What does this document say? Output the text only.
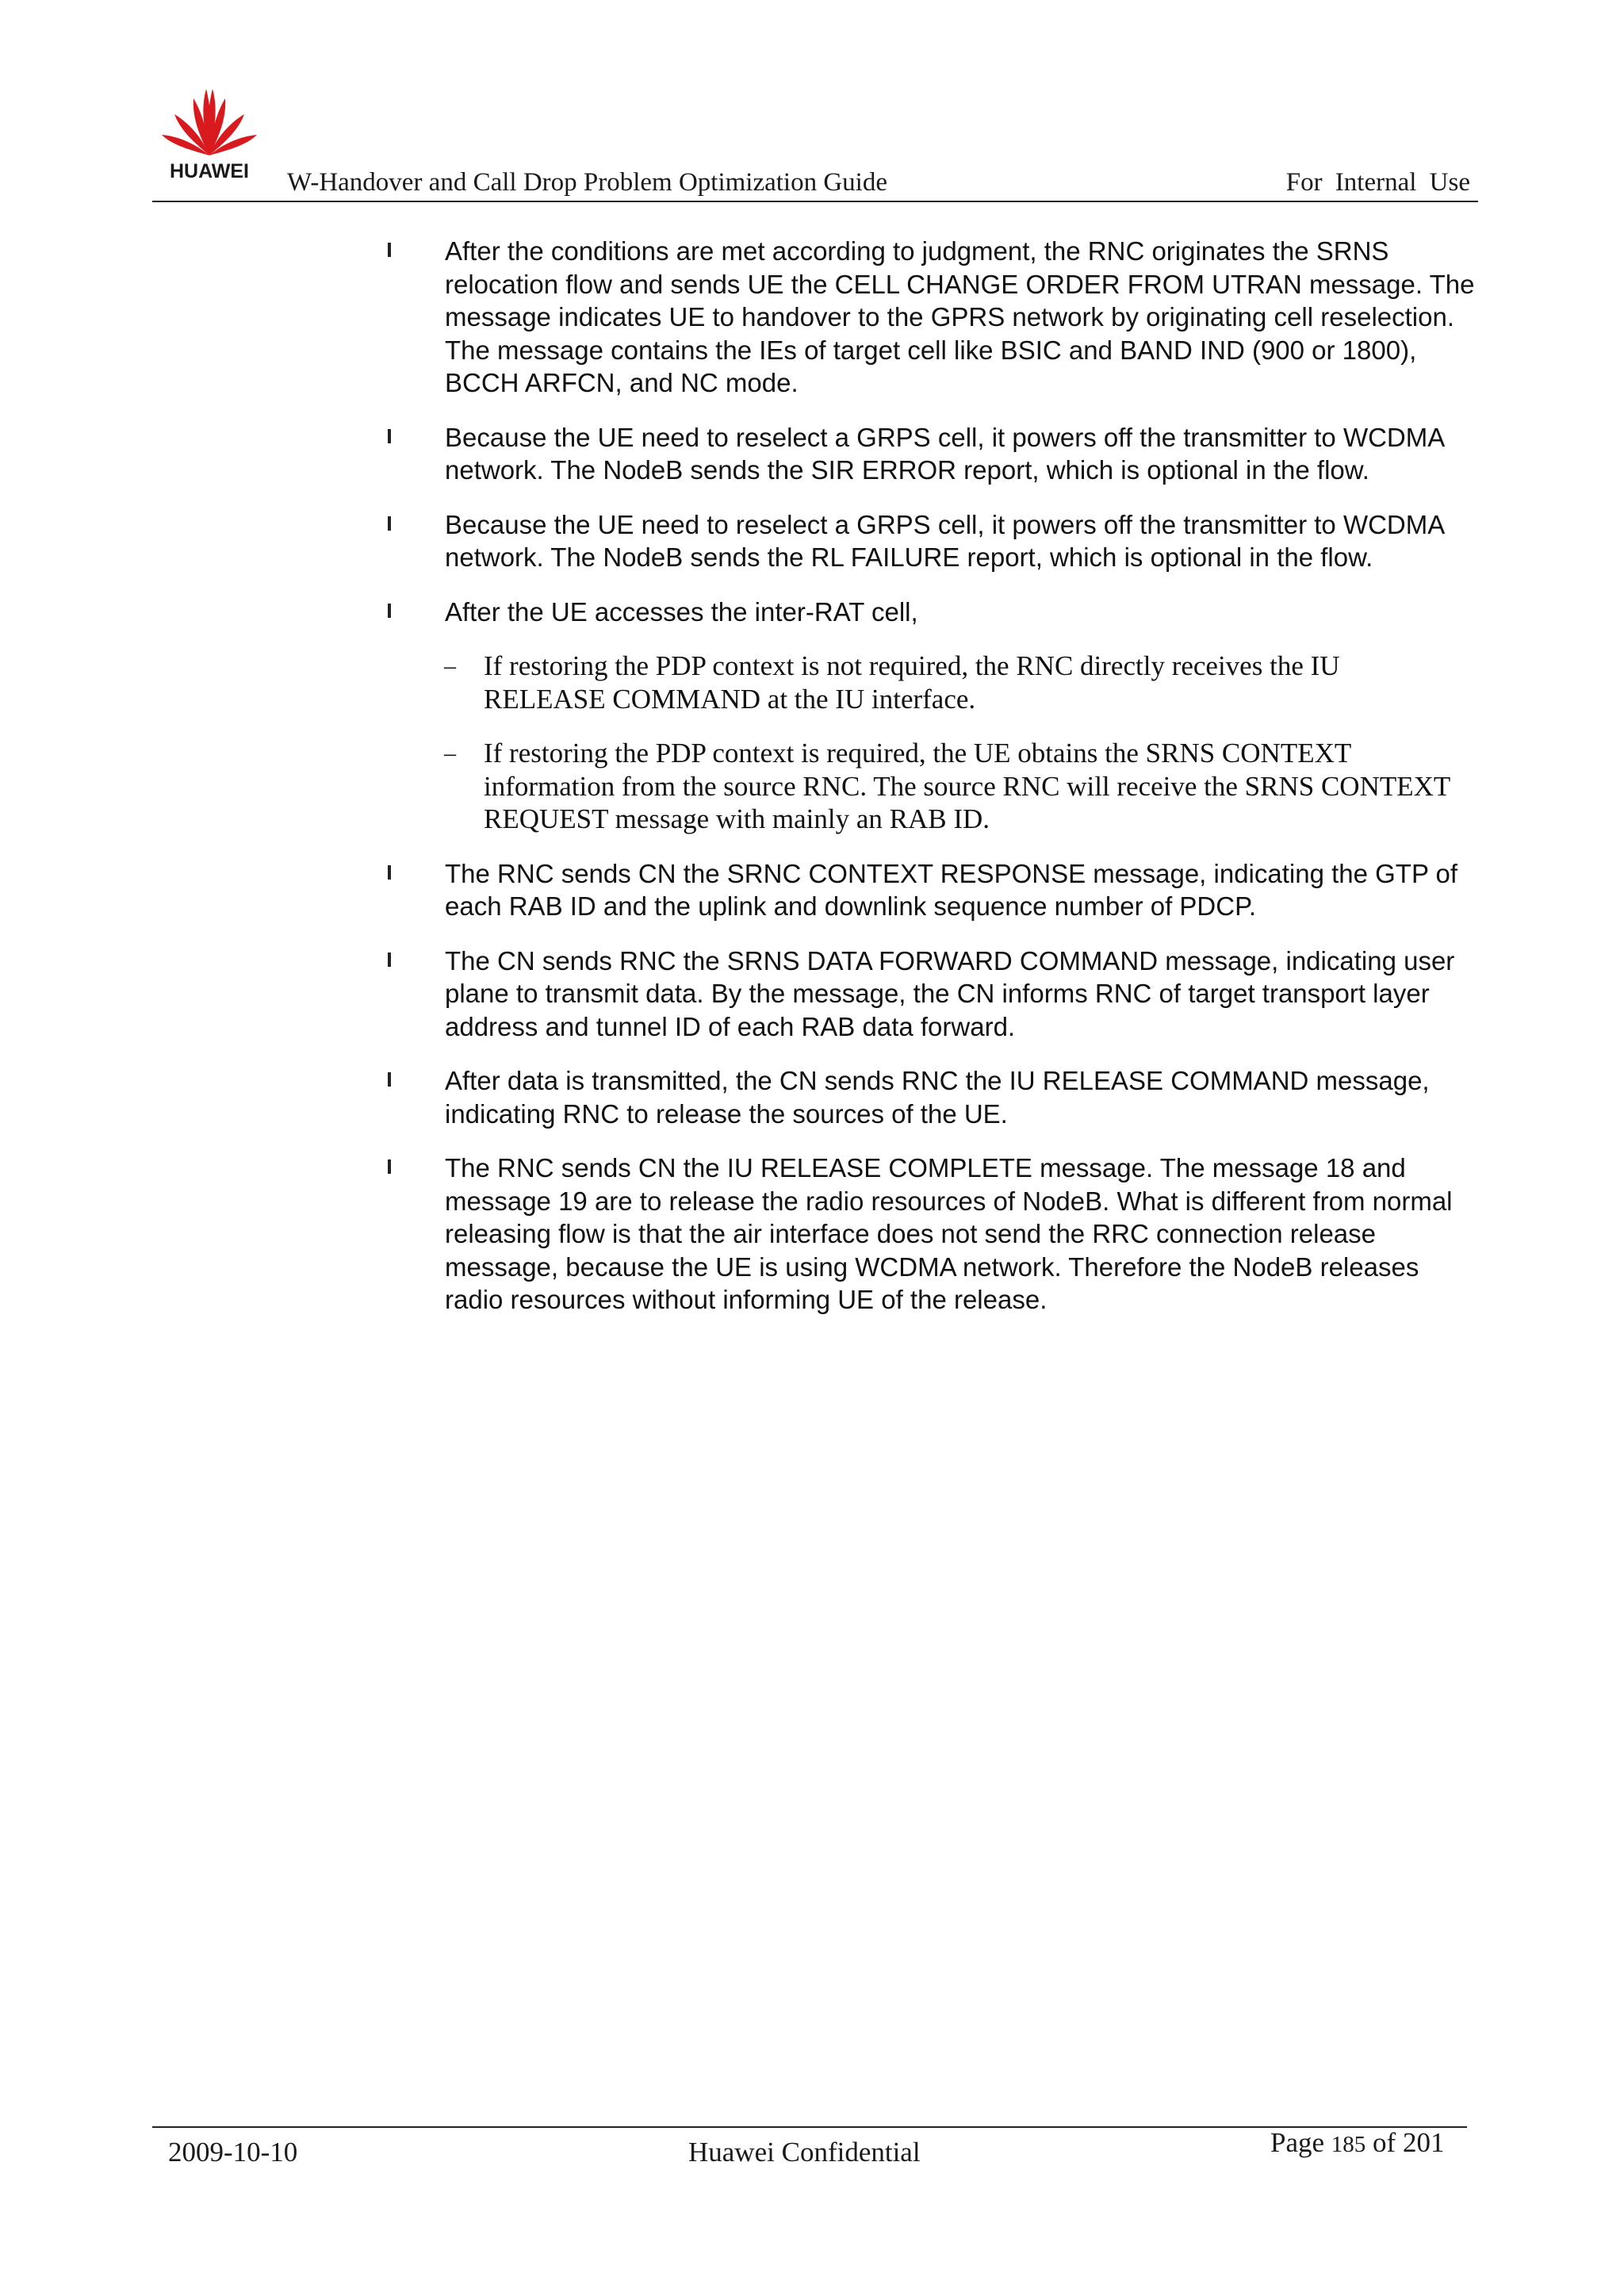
HUAWEI	W-Handover and Call Drop Problem Optimization Guide	For Internal Use
After the conditions are met according to judgment, the RNC originates the SRNS relocation flow and sends UE the CELL CHANGE ORDER FROM UTRAN message. The message indicates UE to handover to the GPRS network by originating cell reselection. The message contains the IEs of target cell like BSIC and BAND IND (900 or 1800), BCCH ARFCN, and NC mode.
Because the UE need to reselect a GRPS cell, it powers off the transmitter to WCDMA network. The NodeB sends the SIR ERROR report, which is optional in the flow.
Because the UE need to reselect a GRPS cell, it powers off the transmitter to WCDMA network. The NodeB sends the RL FAILURE report, which is optional in the flow.
After the UE accesses the inter-RAT cell,
– If restoring the PDP context is not required, the RNC directly receives the IU RELEASE COMMAND at the IU interface.
– If restoring the PDP context is required, the UE obtains the SRNS CONTEXT information from the source RNC. The source RNC will receive the SRNS CONTEXT REQUEST message with mainly an RAB ID.
The RNC sends CN the SRNC CONTEXT RESPONSE message, indicating the GTP of each RAB ID and the uplink and downlink sequence number of PDCP.
The CN sends RNC the SRNS DATA FORWARD COMMAND message, indicating user plane to transmit data. By the message, the CN informs RNC of target transport layer address and tunnel ID of each RAB data forward.
After data is transmitted, the CN sends RNC the IU RELEASE COMMAND message, indicating RNC to release the sources of the UE.
The RNC sends CN the IU RELEASE COMPLETE message. The message 18 and message 19 are to release the radio resources of NodeB. What is different from normal releasing flow is that the air interface does not send the RRC connection release message, because the UE is using WCDMA network. Therefore the NodeB releases radio resources without informing UE of the release.
2009-10-10	Huawei Confidential	Page 185 of 201
